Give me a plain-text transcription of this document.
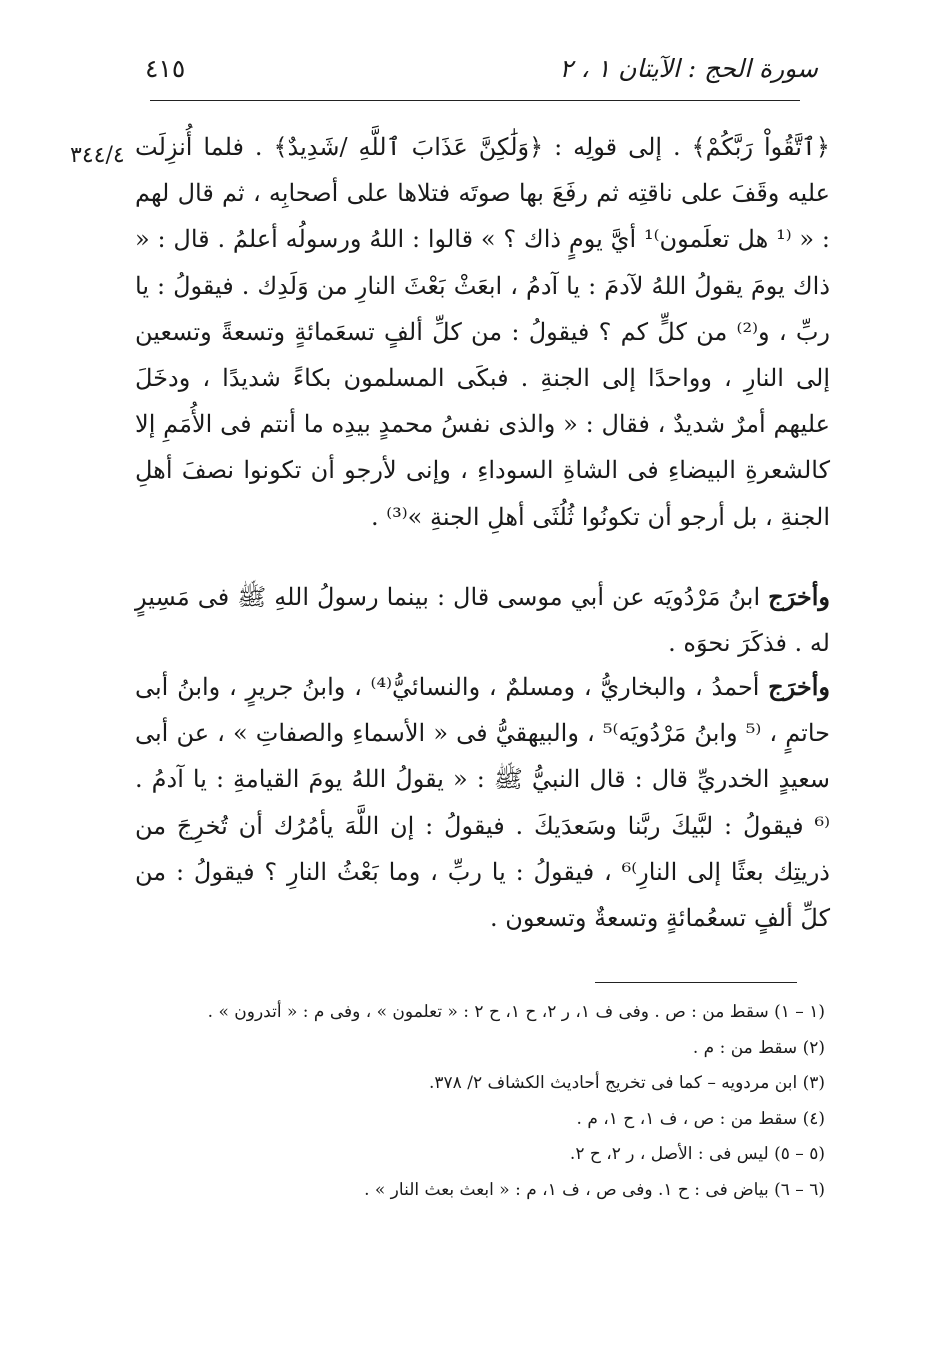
سورة الحج : الآيتان ١ ، ٢
٤١٥
٣٤٤/٤ ﴿ٱتَّقُواْ رَبَّكُمْ﴾ . إلى قولِه : ﴿وَلَٰكِنَّ عَذَابَ ٱللَّهِ /شَدِيدٌ﴾ . فلما أُنزِلَت عليه وقَفَ على ناقتِه ثم رفَعَ بها صوتَه فتلاها على أصحابِه ، ثم قال لهم : « ⁽¹ هل تعلَمون⁾¹ أيَّ يومٍ ذاك ؟ » قالوا : اللهُ ورسولُه أعلمُ . قال : « ذاك يومَ يقولُ اللهُ لآدمَ : يا آدمُ ، ابعَثْ بَعْثَ النارِ من وَلَدِك . فيقولُ : يا ربِّ ، و⁽²⁾ من كلٍّ كم ؟ فيقولُ : من كلِّ ألفٍ تسعَمائةٍ وتسعةً وتسعين إلى النارِ ، وواحدًا إلى الجنةِ . فبكَى المسلمون بكاءً شديدًا ، ودخَلَ عليهم أمرٌ شديدٌ ، فقال : « والذى نفسُ محمدٍ بيدِه ما أنتم فى الأُمَمِ إلا كالشعرةِ البيضاءِ فى الشاةِ السوداءِ ، وإنى لأرجو أن تكونوا نصفَ أهلِ الجنةِ ، بل أرجو أن تكونُوا ثُلُثَى أهلِ الجنةِ »⁽³⁾ .

وأخرَج ابنُ مَرْدُويَه عن أبي موسى قال : بينما رسولُ اللهِ ﷺ فى مَسِيرٍ له . فذكَرَ نحوَه .

وأخرَج أحمدُ ، والبخاريُّ ، ومسلمٌ ، والنسائيُّ⁽⁴⁾ ، وابنُ جريرٍ ، وابنُ أبى حاتمٍ ، ⁽⁵ وابنُ مَرْدُويَه⁾⁵ ، والبيهقيُّ فى « الأسماءِ والصفاتِ » ، عن أبى سعيدٍ الخدريِّ قال : قال النبيُّ ﷺ : « يقولُ اللهُ يومَ القيامةِ : يا آدمُ . ⁽⁶ فيقولُ : لبَّيكَ ربَّنا وسَعدَيكَ . فيقولُ : إن اللَّهَ يأمُرُك أن تُخرِجَ من ذريتِك بعثًا إلى النارِ⁾⁶ ، فيقولُ : يا ربِّ ، وما بَعْثُ النارِ ؟ فيقولُ : من كلِّ ألفٍ تسعُمائةٍ وتسعةٌ وتسعون .

(١ – ١) سقط من : ص . وفى ف ١، ر ٢، ح ١، ح ٢ : « تعلمون » ، وفى م : « أتدرون » .
(٢) سقط من : م .
(٣) ابن مردويه – كما فى تخريج أحاديث الكشاف ٢/ ٣٧٨.
(٤) سقط من : ص ، ف ١، ح ١، م .
(٥ – ٥) ليس فى : الأصل ، ر ٢، ح ٢.
(٦ – ٦) بياض فى : ح ١. وفى ص ، ف ١، م : « ابعث بعث النار » .
